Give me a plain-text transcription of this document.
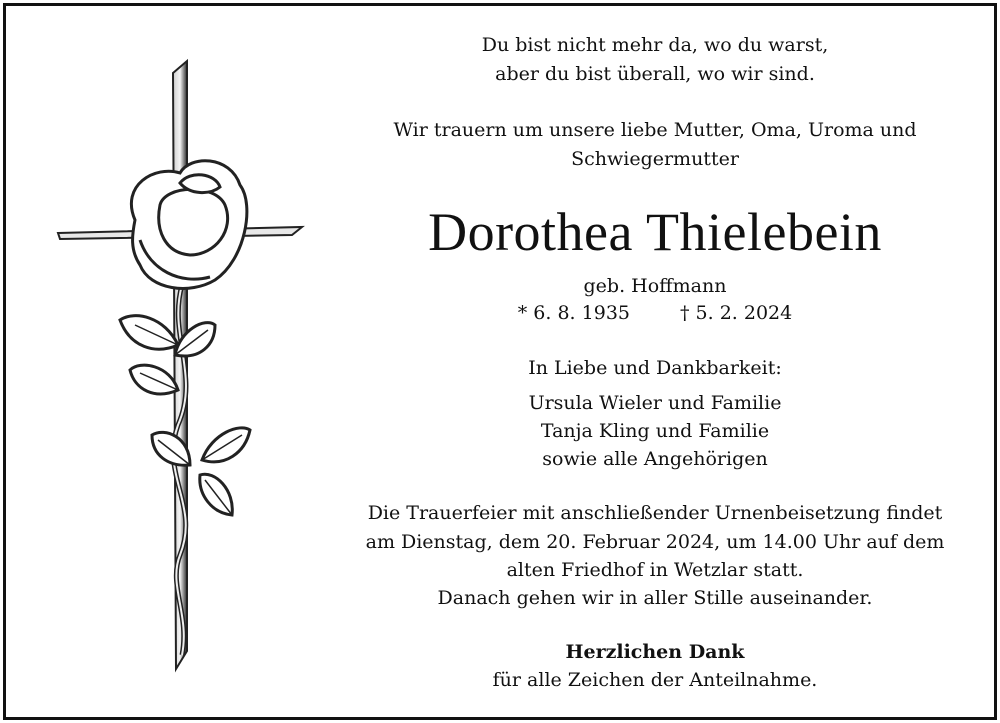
Du bist nicht mehr da, wo du warst,
aber du bist überall, wo wir sind.
Wir trauern um unsere liebe Mutter, Oma, Uroma und
Schwiegermutter
Dorothea Thielebein
geb. Hoffmann
* 6. 8. 1935	† 5. 2. 2024
In Liebe und Dankbarkeit:
Ursula Wieler und Familie
Tanja Kling und Familie
sowie alle Angehörigen
Die Trauerfeier mit anschließender Urnenbeisetzung findet
am Dienstag, dem 20. Februar 2024, um 14.00 Uhr auf dem
alten Friedhof in Wetzlar statt.
Danach gehen wir in aller Stille auseinander.
Herzlichen Dank
für alle Zeichen der Anteilnahme.
